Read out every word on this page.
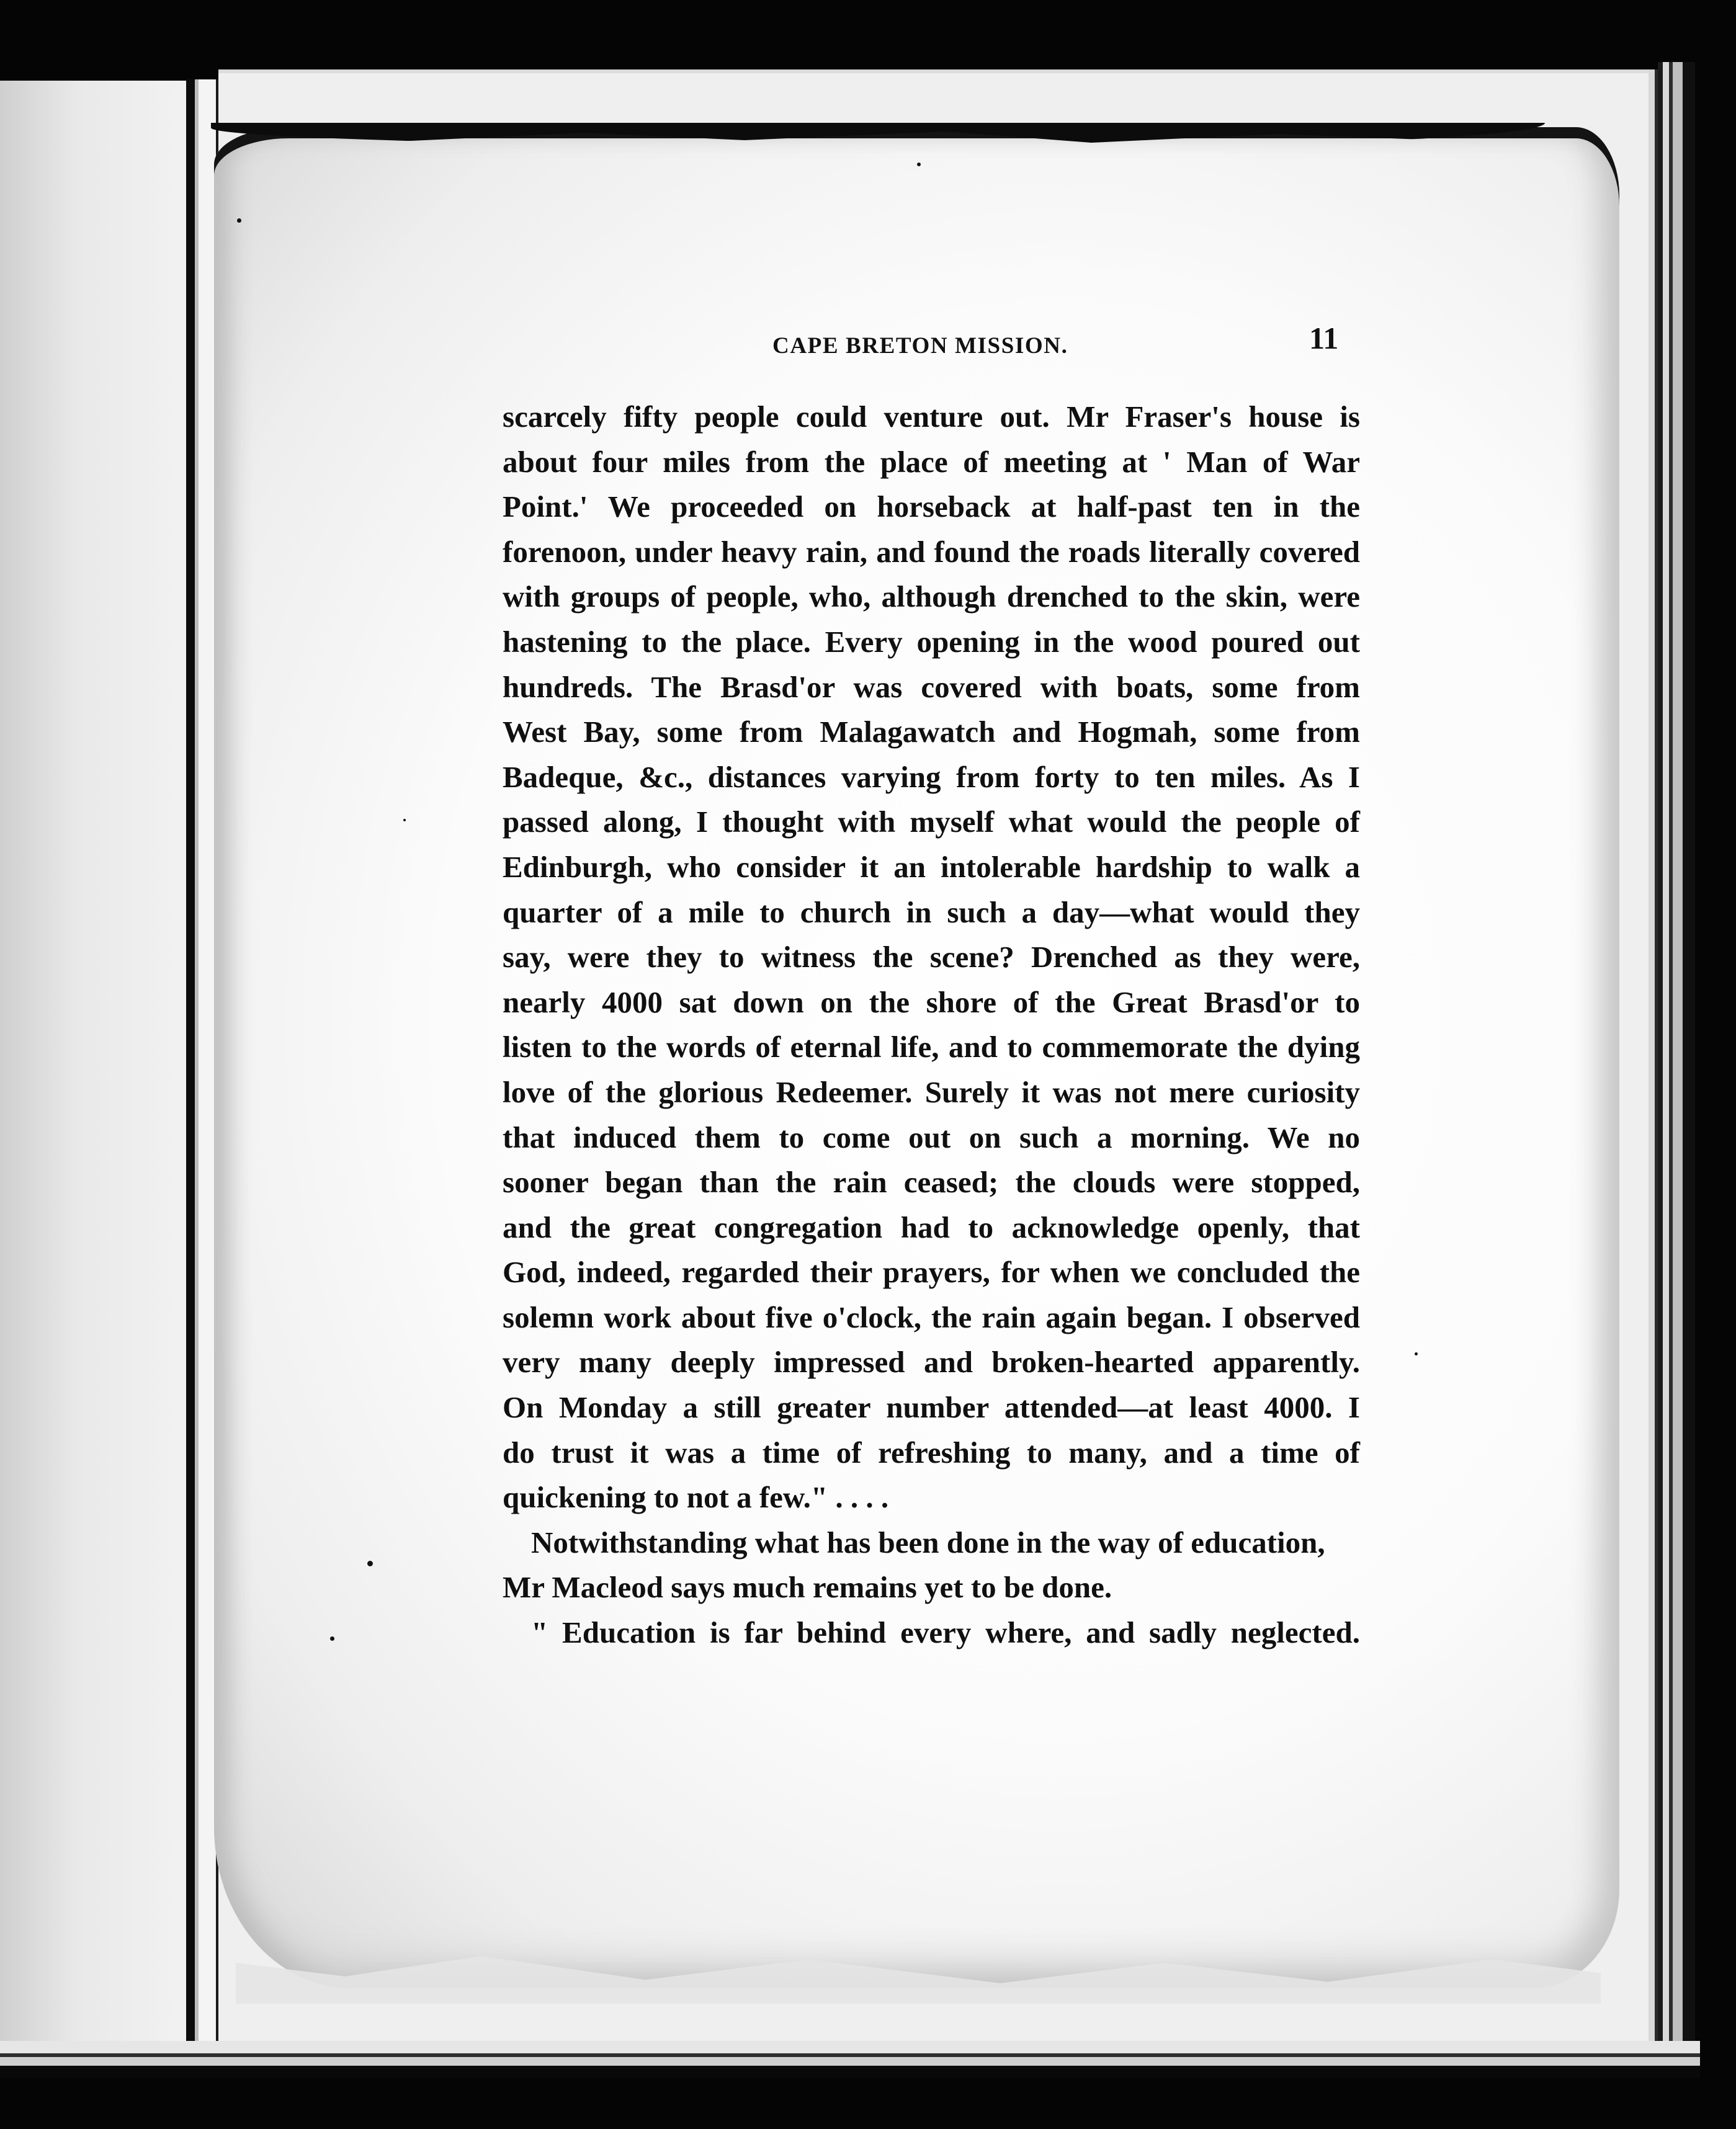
CAPE BRETON MISSION.	11
scarcely fifty people could venture out. Mr Fraser's house is
about four miles from the place of meeting at ' Man of War
Point.' We proceeded on horseback at half-past ten in the
forenoon, under heavy rain, and found the roads literally covered
with groups of people, who, although drenched to the skin, were
hastening to the place. Every opening in the wood poured out
hundreds. The Brasd'or was covered with boats, some from
West Bay, some from Malagawatch and Hogmah, some from
Badeque, &c., distances varying from forty to ten miles. As I
passed along, I thought with myself what would the people of
Edinburgh, who consider it an intolerable hardship to walk a
quarter of a mile to church in such a day—what would they
say, were they to witness the scene? Drenched as they were,
nearly 4000 sat down on the shore of the Great Brasd'or to
listen to the words of eternal life, and to commemorate the dying
love of the glorious Redeemer. Surely it was not mere curiosity
that induced them to come out on such a morning. We no
sooner began than the rain ceased; the clouds were stopped,
and the great congregation had to acknowledge openly, that
God, indeed, regarded their prayers, for when we concluded the
solemn work about five o'clock, the rain again began. I observed
very many deeply impressed and broken-hearted apparently.
On Monday a still greater number attended—at least 4000. I
do trust it was a time of refreshing to many, and a time of
quickening to not a few." . . . .
Notwithstanding what has been done in the way of education,
Mr Macleod says much remains yet to be done.
" Education is far behind every where, and sadly neglected.
